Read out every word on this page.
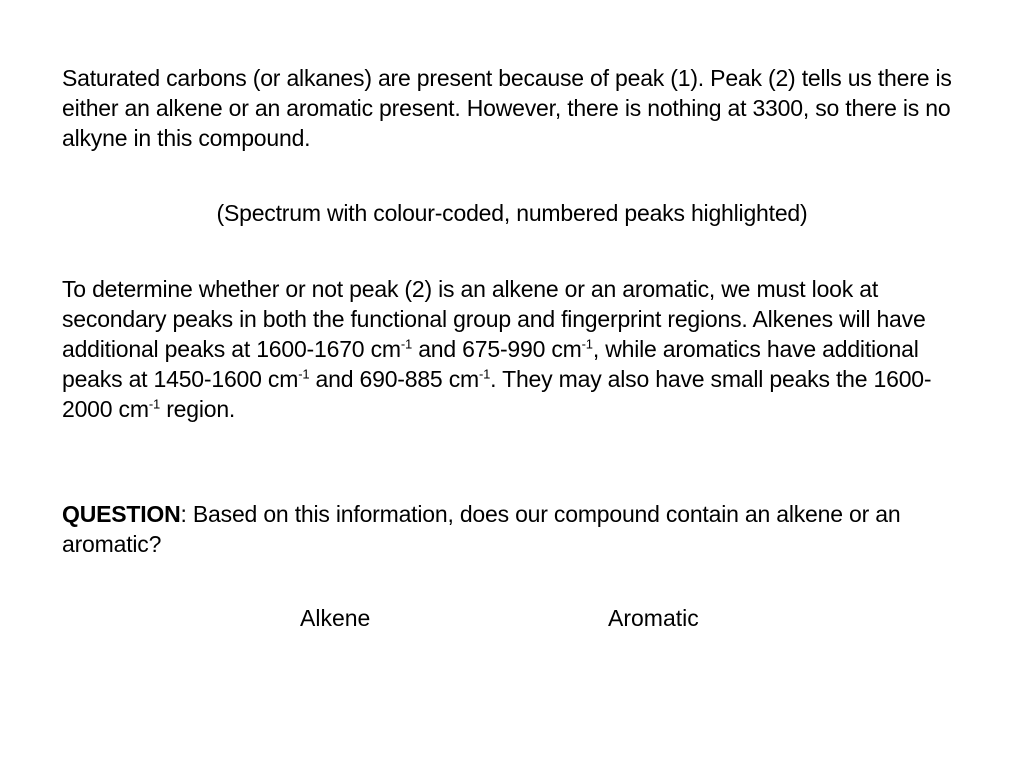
Saturated carbons (or alkanes) are present because of peak (1). Peak (2) tells us there is either an alkene or an aromatic present. However, there is nothing at 3300, so there is no alkyne in this compound.
(Spectrum with colour-coded, numbered peaks highlighted)
To determine whether or not peak (2) is an alkene or an aromatic, we must look at secondary peaks in both the functional group and fingerprint regions. Alkenes will have additional peaks at 1600-1670 $cm^{-1}$ and 675-990 $cm^{-1}$, while aromatics have additional peaks at 1450-1600 $cm^{-1}$ and 690-885 $cm^{-1}$. They may also have small peaks the 1600-2000 $cm^{-1}$ region.
QUESTION: Based on this information, does our compound contain an alkene or an aromatic?
Alkene	Aromatic
